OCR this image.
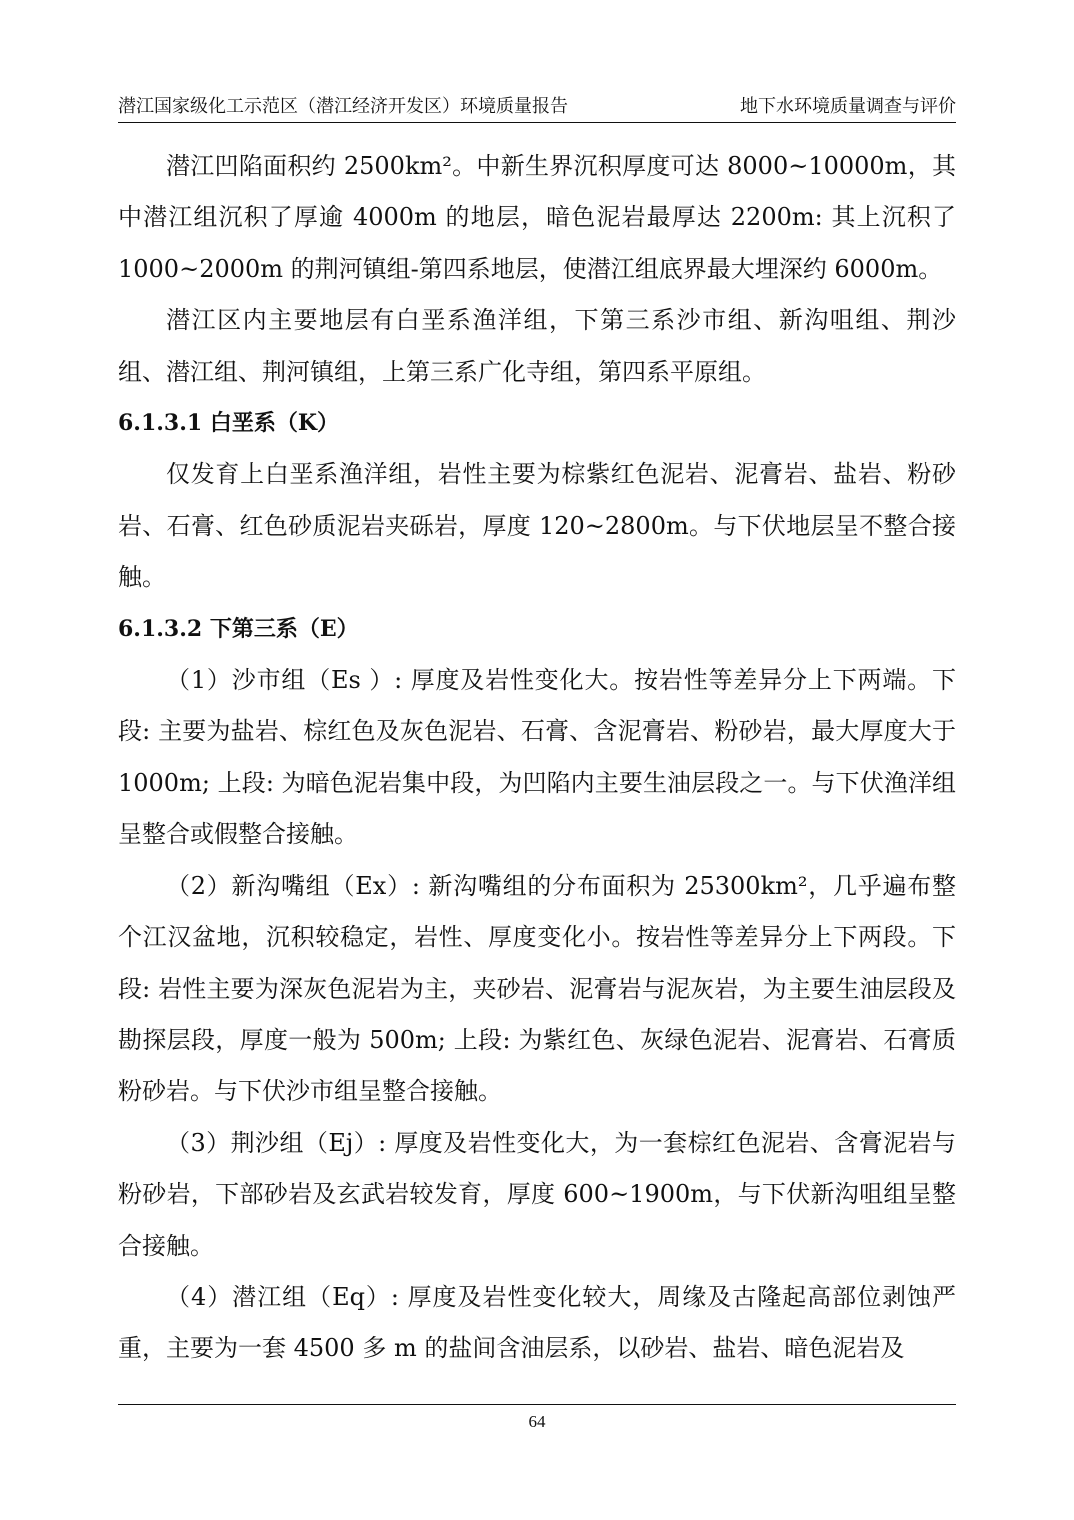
潜江国家级化工示范区（潜江经济开发区）环境质量报告	地下水环境质量调查与评价

潜江凹陷面积约 2500km²。中新生界沉积厚度可达 8000~10000m，其中潜江组沉积了厚逾 4000m 的地层，暗色泥岩最厚达 2200m: 其上沉积了 1000~2000m 的荆河镇组-第四系地层，使潜江组底界最大埋深约 6000m。

潜江区内主要地层有白垩系渔洋组，下第三系沙市组、新沟咀组、荆沙组、潜江组、荆河镇组，上第三系广化寺组，第四系平原组。

6.1.3.1 白垩系（K）

仅发育上白垩系渔洋组，岩性主要为棕紫红色泥岩、泥膏岩、盐岩、粉砂岩、石膏、红色砂质泥岩夹砾岩，厚度 120~2800m。与下伏地层呈不整合接触。

6.1.3.2 下第三系（E）

（1）沙市组（Es ）: 厚度及岩性变化大。按岩性等差异分上下两端。下段: 主要为盐岩、棕红色及灰色泥岩、石膏、含泥膏岩、粉砂岩，最大厚度大于 1000m; 上段: 为暗色泥岩集中段，为凹陷内主要生油层段之一。与下伏渔洋组呈整合或假整合接触。

（2）新沟嘴组（Ex）: 新沟嘴组的分布面积为 25300km²，几乎遍布整个江汉盆地，沉积较稳定，岩性、厚度变化小。按岩性等差异分上下两段。下段: 岩性主要为深灰色泥岩为主，夹砂岩、泥膏岩与泥灰岩，为主要生油层段及勘探层段，厚度一般为 500m; 上段: 为紫红色、灰绿色泥岩、泥膏岩、石膏质粉砂岩。与下伏沙市组呈整合接触。

（3）荆沙组（Ej）: 厚度及岩性变化大，为一套棕红色泥岩、含膏泥岩与粉砂岩，下部砂岩及玄武岩较发育，厚度 600~1900m，与下伏新沟咀组呈整合接触。

（4）潜江组（Eq）: 厚度及岩性变化较大，周缘及古隆起高部位剥蚀严重，主要为一套 4500 多 m 的盐间含油层系，以砂岩、盐岩、暗色泥岩及

64
